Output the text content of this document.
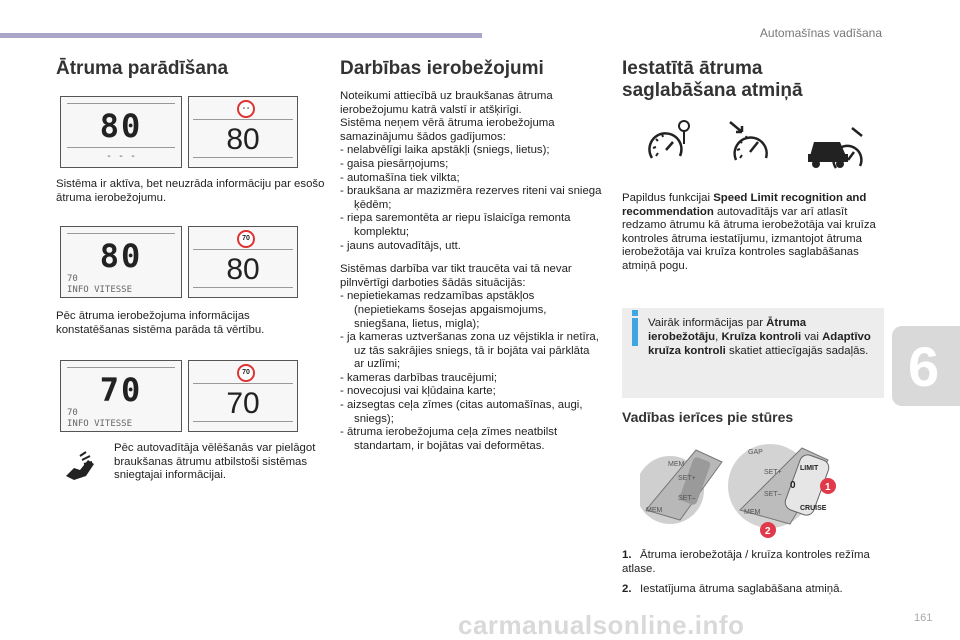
Automašīnas vadīšana
6
Ātruma parādīšana
80
- - -
- -
80
Sistēma ir aktīva, bet neuzrāda informāciju par esošo ātruma ierobežojumu.
80
70
INFO VITESSE
70
80
Pēc ātruma ierobežojuma informācijas konstatēšanas sistēma parāda tā vērtību.
70
70
INFO VITESSE
70
70
Pēc autovadītāja vēlēšanās var pielāgot braukšanas ātrumu atbilstoši sistēmas sniegtajai informācijai.
Darbības ierobežojumi

Noteikumi attiecībā uz braukšanas ātruma ierobežojumu katrā valstī ir atšķirīgi.
Sistēma neņem vērā ātruma ierobežojuma samazinājumu šādos gadījumos:

- nelabvēlīgi laika apstākļi (sniegs, lietus);
- gaisa piesārņojums;
- automašīna tiek vilkta;
- braukšana ar mazizmēra rezerves riteni vai sniega ķēdēm;
- riepa saremontēta ar riepu īslaicīga remonta komplektu;
- jauns autovadītājs, utt.

Sistēmas darbība var tikt traucēta vai tā nevar pilnvērtīgi darboties šādās situācijās:

- nepietiekamas redzamības apstākļos (nepietiekams šosejas apgaismojums, sniegšana, lietus, migla);
- ja kameras uztveršanas zona uz vējstikla ir netīra, uz tās sakrājies sniegs, tā ir bojāta vai pārklāta ar uzlīmi;
- kameras darbības traucējumi;
- novecojusi vai kļūdaina karte;
- aizsegtas ceļa zīmes (citas automašīnas, augi, sniegs);
- ātruma ierobežojuma ceļa zīmes neatbilst standartam, ir bojātas vai deformētas.
Iestatītā ātruma
saglabāšana atmiņā
Papildus funkcijai Speed Limit recognition and recommendation autovadītājs var arī atlasīt redzamo ātrumu kā ātruma ierobežotāja vai kruīza kontroles ātruma iestatījumu, izmantojot ātruma ierobežotāja vai kruīza kontroles saglabāšanas atmiņā pogu.
Vairāk informācijas par Ātruma ierobežotāju, Kruīza kontroli vai Adaptīvo kruīza kontroli skatiet attiecīgajās sadaļās.
Vadības ierīces pie stūres
MEM
SET+
SET–
MEM
LIMIT
0
CRUISE
GAP
SET+
SET–
MEM
1
2
1. Ātruma ierobežotāja / kruīza kontroles režīma atlase.
2. Iestatījuma ātruma saglabāšana atmiņā.
carmanualsonline.info	161
